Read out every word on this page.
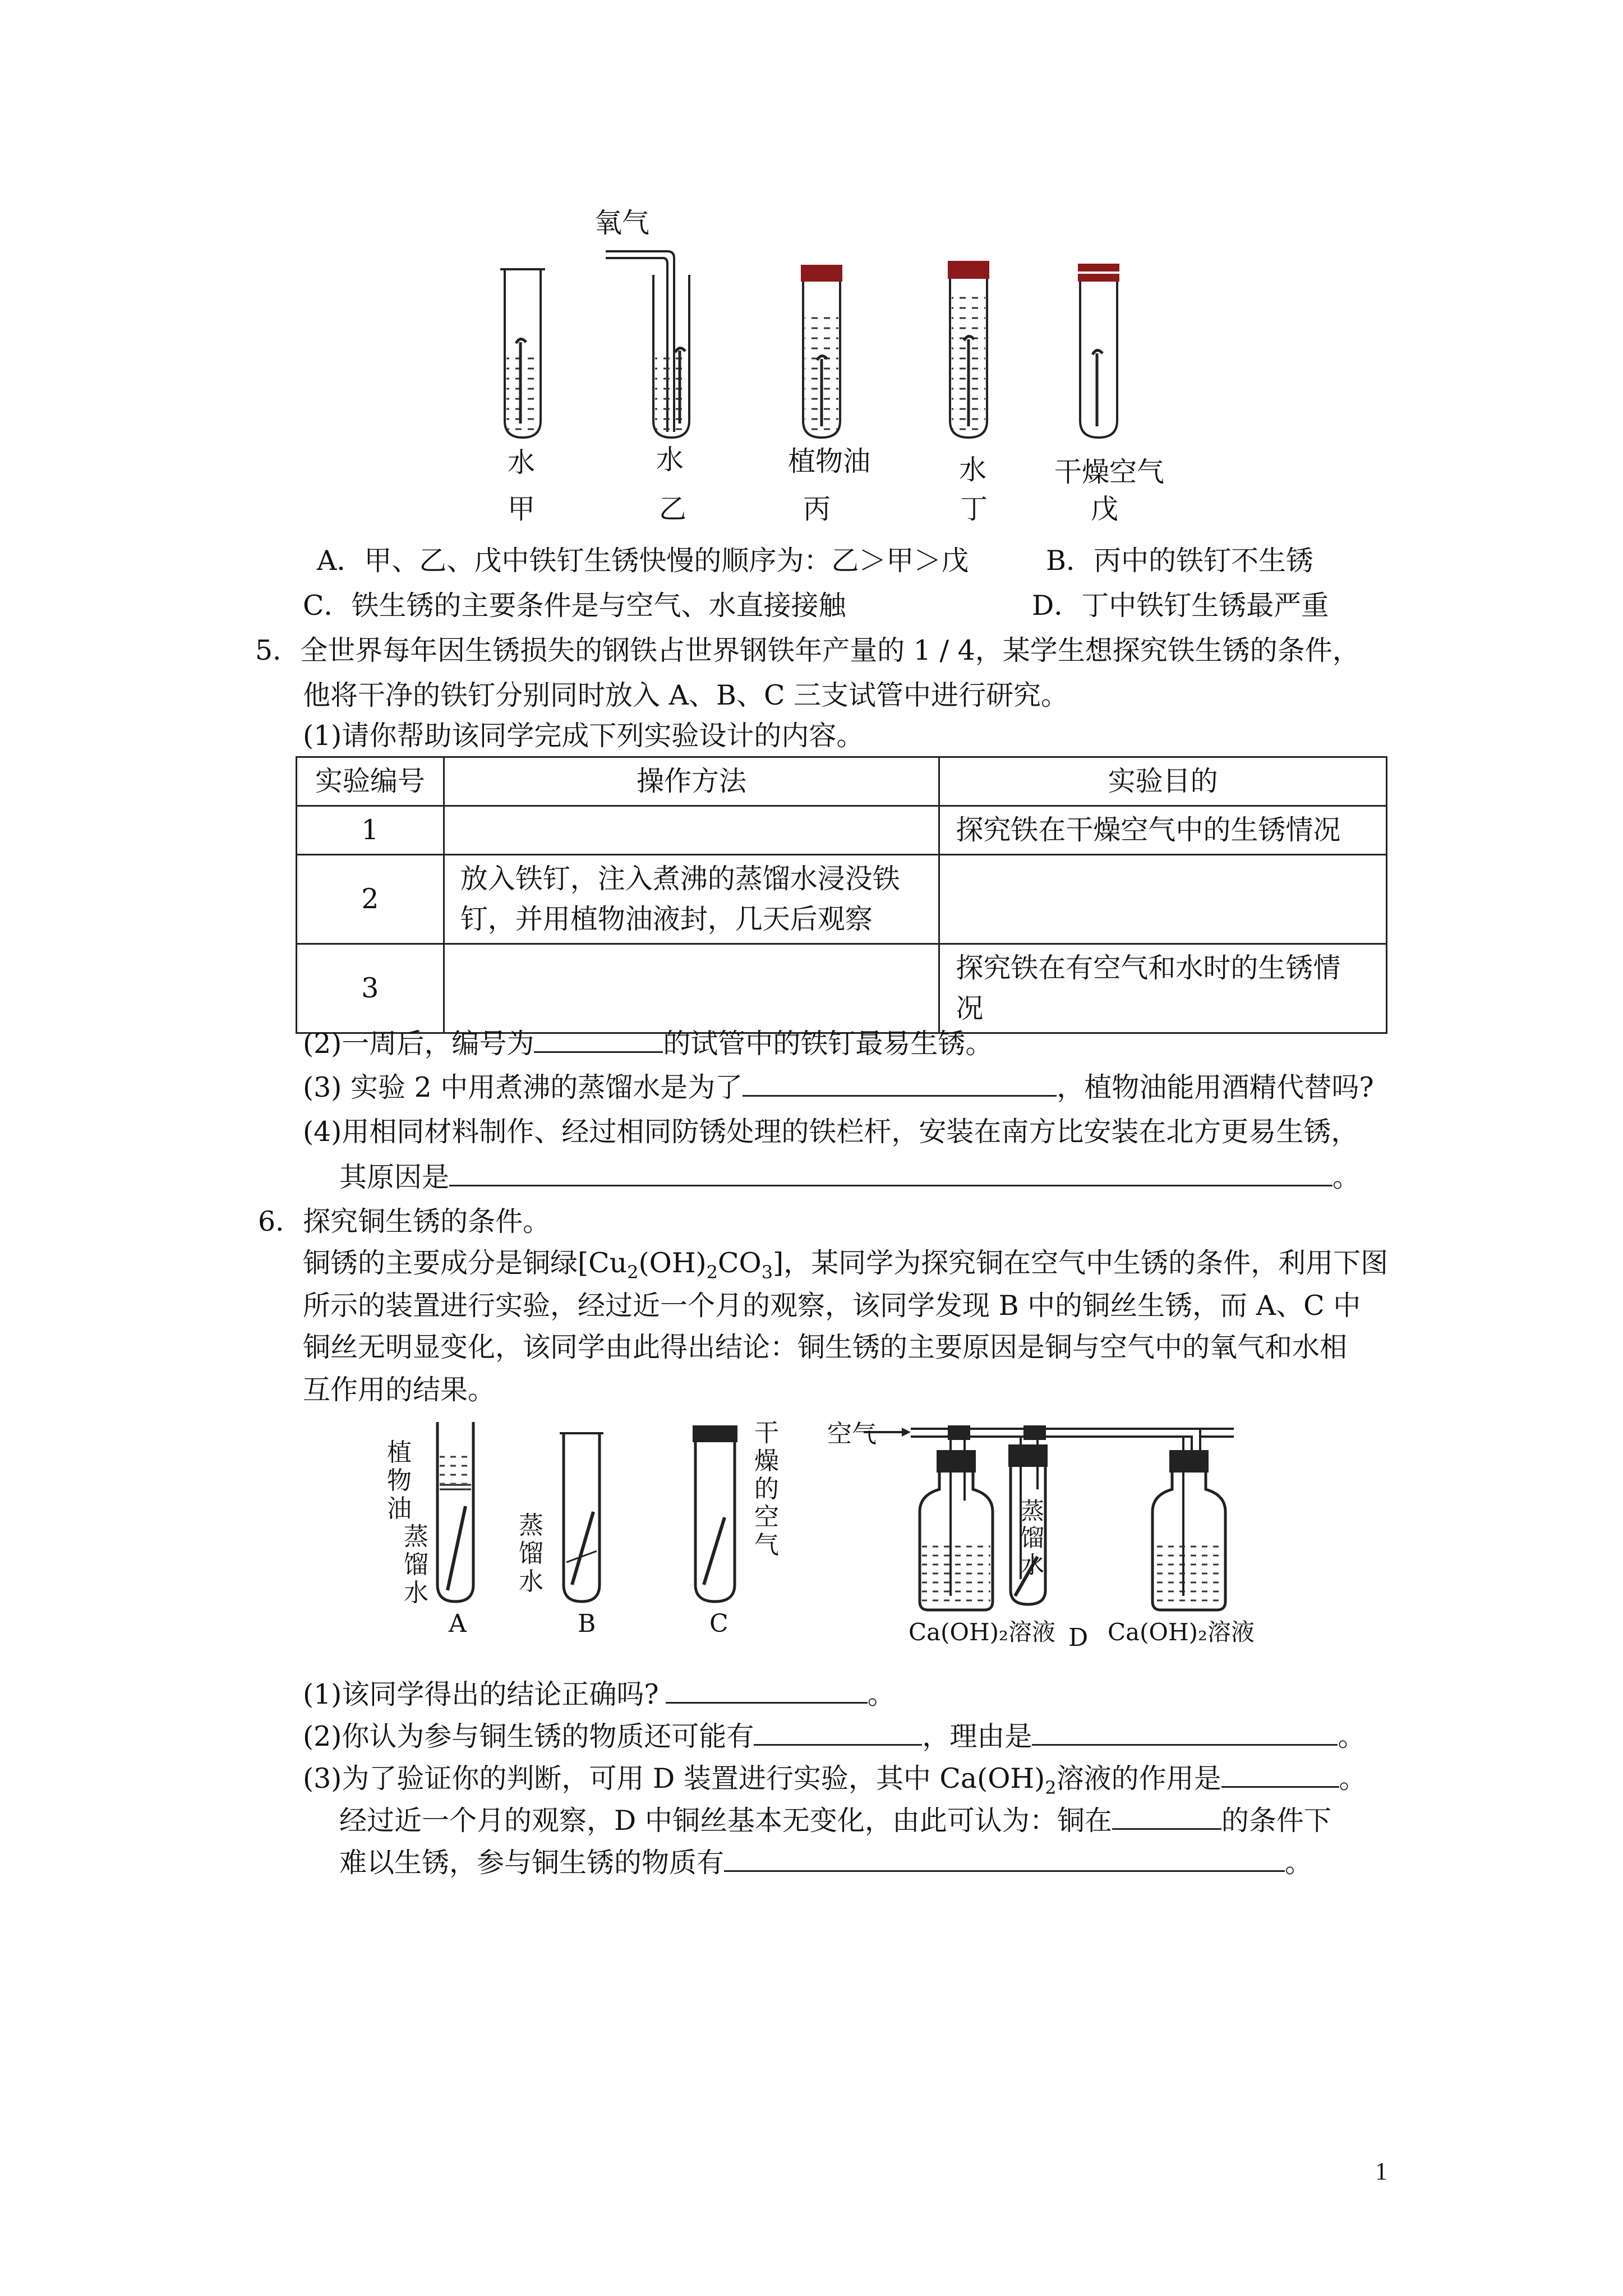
氧气
水	水	植物油	水 干燥空气
甲	乙	丙	丁	戊
A．甲、乙、戊中铁钉生锈快慢的顺序为：乙＞甲＞戊	B．丙中的铁钉不生锈
C．铁生锈的主要条件是与空气、水直接接触	D．丁中铁钉生锈最严重
5．全世界每年因生锈损失的钢铁占世界钢铁年产量的 1 / 4，某学生想探究铁生锈的条件，
他将干净的铁钉分别同时放入 A、B、C 三支试管中进行研究。
(1)请你帮助该同学完成下列实验设计的内容。
实验编号	操作方法	实验目的
1		探究铁在干燥空气中的生锈情况
2	放入铁钉，注入煮沸的蒸馏水浸没铁
钉，并用植物油液封，几天后观察	

3		探究铁在有空气和水时的生锈情
况
(2)一周后，编号为	的试管中的铁钉最易生锈。
(3) 实验 2 中用煮沸的蒸馏水是为了	，植物油能用酒精代替吗?
(4)用相同材料制作、经过相同防锈处理的铁栏杆，安装在南方比安装在北方更易生锈，
其原因是	。
6．探究铜生锈的条件。
铜锈的主要成分是铜绿$[Cu_2(OH)_2CO_3]$，某同学为探究铜在空气中生锈的条件，利用下图
所示的装置进行实验，经过近一个月的观察，该同学发现 B 中的铜丝生锈，而 A、C 中
铜丝无明显变化，该同学由此得出结论：铜生锈的主要原因是铜与空气中的氧气和水相
互作用的结果。
植物油
蒸馏水
蒸馏水
干燥的空气
空气
蒸馏水
Ca(OH)₂溶液 Ca(OH)₂溶液
A	B	C	D
(1)该同学得出的结论正确吗?	。
(2)你认为参与铜生锈的物质还可能有	，理由是	。
(3)为了验证你的判断，可用 D 装置进行实验，其中 $Ca(OH)_2$溶液的作用是	。
经过近一个月的观察，D 中铜丝基本无变化，由此可认为：铜在	的条件下
难以生锈，参与铜生锈的物质有	。
1
